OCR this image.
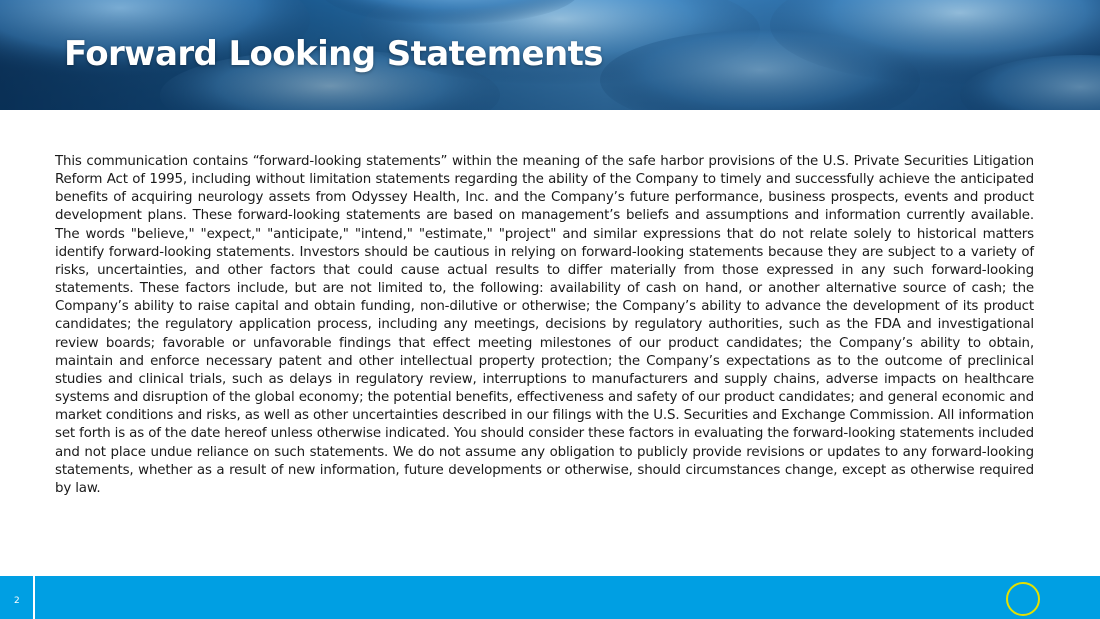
Forward Looking Statements

This communication contains “forward-looking statements” within the meaning of the safe harbor provisions of the U.S. Private Securities Litigation Reform Act of 1995, including without limitation statements regarding the ability of the Company to timely and successfully achieve the anticipated benefits of acquiring neurology assets from Odyssey Health, Inc. and the Company’s future performance, business prospects, events and product development plans. These forward-looking statements are based on management’s beliefs and assumptions and information currently available. The words "believe," "expect," "anticipate," "intend," "estimate," "project" and similar expressions that do not relate solely to historical matters identify forward-looking statements. Investors should be cautious in relying on forward-looking statements because they are subject to a variety of risks, uncertainties, and other factors that could cause actual results to differ materially from those expressed in any such forward-looking statements. These factors include, but are not limited to, the following: availability of cash on hand, or another alternative source of cash; the Company’s ability to raise capital and obtain funding, non-dilutive or otherwise; the Company’s ability to advance the development of its product candidates; the regulatory application process, including any meetings, decisions by regulatory authorities, such as the FDA and investigational review boards; favorable or unfavorable findings that effect meeting milestones of our product candidates; the Company’s ability to obtain, maintain and enforce necessary patent and other intellectual property protection; the Company’s expectations as to the outcome of preclinical studies and clinical trials, such as delays in regulatory review, interruptions to manufacturers and supply chains, adverse impacts on healthcare systems and disruption of the global economy; the potential benefits, effectiveness and safety of our product candidates; and general economic and market conditions and risks, as well as other uncertainties described in our filings with the U.S. Securities and Exchange Commission. All information set forth is as of the date hereof unless otherwise indicated. You should consider these factors in evaluating the forward-looking statements included and not place undue reliance on such statements. We do not assume any obligation to publicly provide revisions or updates to any forward-looking statements, whether as a result of new information, future developments or otherwise, should circumstances change, except as otherwise required by law.

2
